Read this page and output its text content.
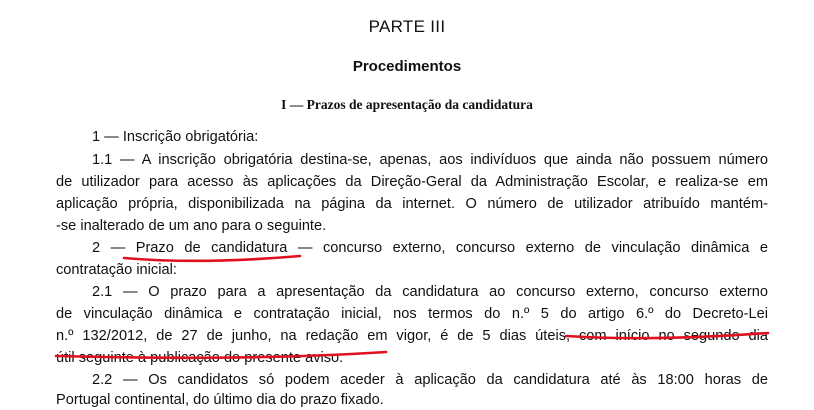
PARTE III
Procedimentos
I — Prazos de apresentação da candidatura
1 — Inscrição obrigatória:
1.1 — A inscrição obrigatória destina-se, apenas, aos indivíduos que ainda não possuem número
de utilizador para acesso às aplicações da Direção-Geral da Administração Escolar, e realiza-se em
aplicação própria, disponibilizada na página da internet. O número de utilizador atribuído mantém-
-se inalterado de um ano para o seguinte.
2 — Prazo de candidatura — concurso externo, concurso externo de vinculação dinâmica e
contratação inicial:
2.1 — O prazo para a apresentação da candidatura ao concurso externo, concurso externo
de vinculação dinâmica e contratação inicial, nos termos do n.º 5 do artigo 6.º do Decreto-Lei
n.º 132/2012, de 27 de junho, na redação em vigor, é de 5 dias úteis, com início no segundo dia
útil seguinte à publicação do presente aviso.
2.2 — Os candidatos só podem aceder à aplicação da candidatura até às 18:00 horas de
Portugal continental, do último dia do prazo fixado.
